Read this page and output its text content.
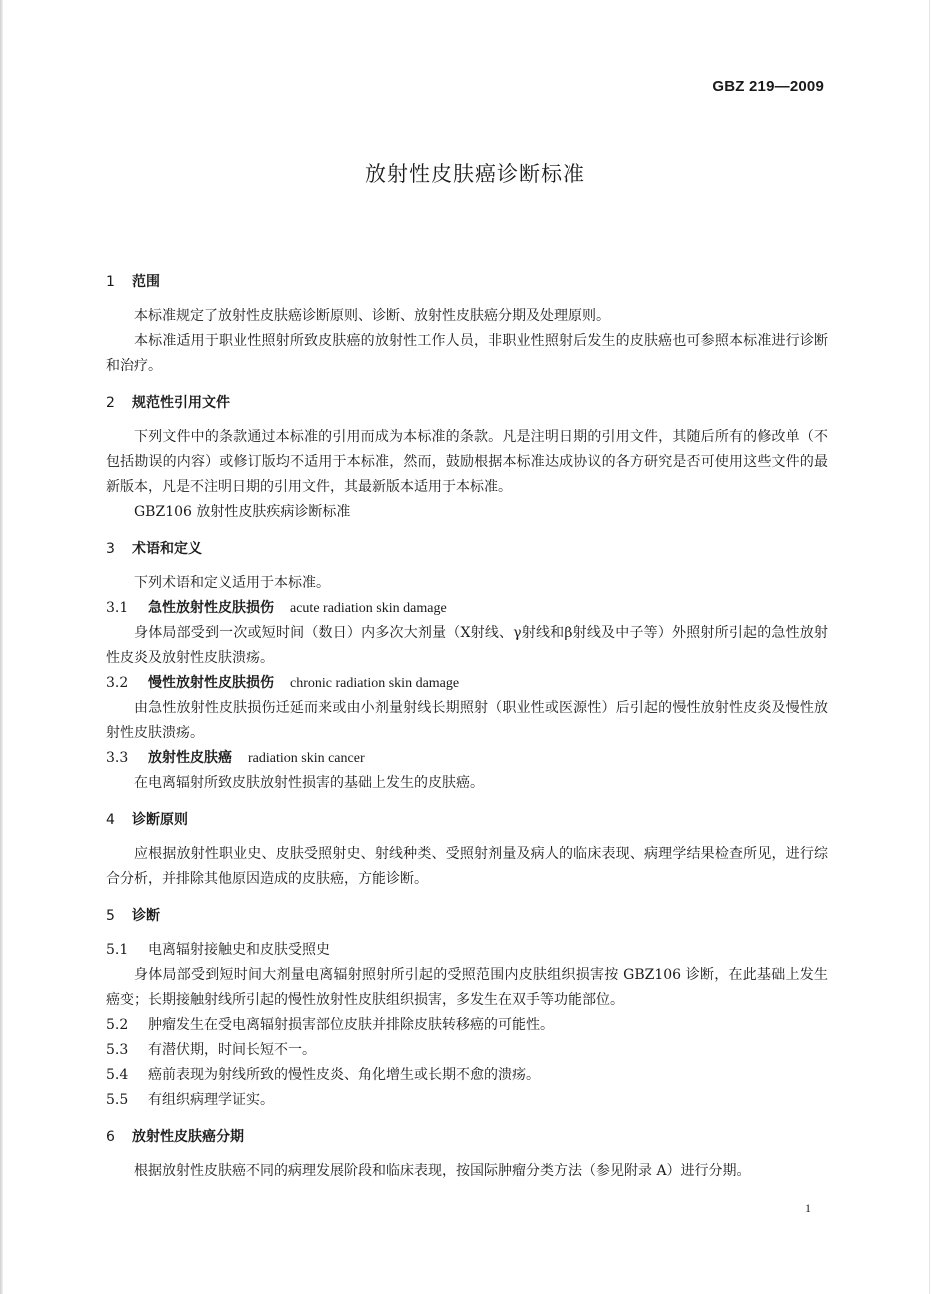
GBZ 219—2009
放射性皮肤癌诊断标准
1 范围

本标准规定了放射性皮肤癌诊断原则、诊断、放射性皮肤癌分期及处理原则。

本标准适用于职业性照射所致皮肤癌的放射性工作人员，非职业性照射后发生的皮肤癌也可参照本标准进行诊断和治疗。

2 规范性引用文件

下列文件中的条款通过本标准的引用而成为本标准的条款。凡是注明日期的引用文件，其随后所有的修改单（不包括勘误的内容）或修订版均不适用于本标准，然而，鼓励根据本标准达成协议的各方研究是否可使用这些文件的最新版本，凡是不注明日期的引用文件，其最新版本适用于本标准。

GBZ106 放射性皮肤疾病诊断标准

3 术语和定义

下列术语和定义适用于本标准。

3.1 急性放射性皮肤损伤 acute radiation skin damage

身体局部受到一次或短时间（数日）内多次大剂量（X射线、γ射线和β射线及中子等）外照射所引起的急性放射性皮炎及放射性皮肤溃疡。

3.2 慢性放射性皮肤损伤 chronic radiation skin damage

由急性放射性皮肤损伤迁延而来或由小剂量射线长期照射（职业性或医源性）后引起的慢性放射性皮炎及慢性放射性皮肤溃疡。

3.3 放射性皮肤癌 radiation skin cancer

在电离辐射所致皮肤放射性损害的基础上发生的皮肤癌。

4 诊断原则

应根据放射性职业史、皮肤受照射史、射线种类、受照射剂量及病人的临床表现、病理学结果检查所见，进行综合分析，并排除其他原因造成的皮肤癌，方能诊断。

5 诊断
5.1 电离辐射接触史和皮肤受照史

身体局部受到短时间大剂量电离辐射照射所引起的受照范围内皮肤组织损害按 GBZ106 诊断，在此基础上发生癌变；长期接触射线所引起的慢性放射性皮肤组织损害，多发生在双手等功能部位。

5.2 肿瘤发生在受电离辐射损害部位皮肤并排除皮肤转移癌的可能性。
5.3 有潜伏期，时间长短不一。
5.4 癌前表现为射线所致的慢性皮炎、角化增生或长期不愈的溃疡。
5.5 有组织病理学证实。
6 放射性皮肤癌分期

根据放射性皮肤癌不同的病理发展阶段和临床表现，按国际肿瘤分类方法（参见附录 A）进行分期。

1
